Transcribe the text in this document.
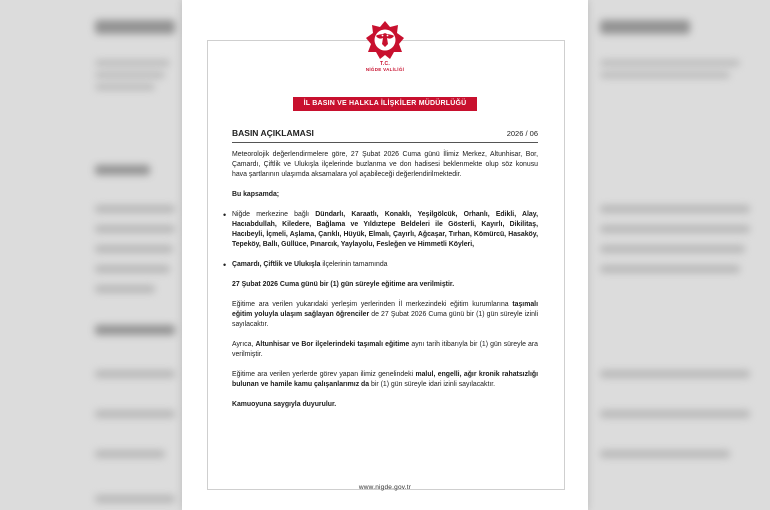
T.C.
NİĞDE VALİLİĞİ
İL BASIN VE HALKLA İLİŞKİLER MÜDÜRLÜĞÜ
BASIN AÇIKLAMASI	2026 / 06

Meteorolojik değerlendirmelere göre, 27 Şubat 2026 Cuma günü İlimiz Merkez, Altunhisar, Bor, Çamardı, Çiftlik ve Ulukışla ilçelerinde buzlanma ve don hadisesi beklenmekte olup söz konusu hava şartlarının ulaşımda aksamalara yol açabileceği değerlendirilmektedir.

Bu kapsamda;

• Niğde merkezine bağlı Dündarlı, Karaatlı, Konaklı, Yeşilgölcük, Orhanlı, Edikli, Alay, Hacıabdullah, Kiledere, Bağlama ve Yıldıztepe Beldeleri ile Gösterli, Kayırlı, Dikilitaş, Hacıbeyli, İçmeli, Aşlama, Çarıklı, Hüyük, Elmalı, Çayırlı, Ağcaşar, Tırhan, Kömürcü, Hasaköy, Tepeköy, Ballı, Güllüce, Pınarcık, Yaylayolu, Fesleğen ve Himmetli Köyleri,

• Çamardı, Çiftlik ve Ulukışla ilçelerinin tamamında

27 Şubat 2026 Cuma günü bir (1) gün süreyle eğitime ara verilmiştir.

Eğitime ara verilen yukarıdaki yerleşim yerlerinden İl merkezindeki eğitim kurumlarına taşımalı eğitim yoluyla ulaşım sağlayan öğrenciler de 27 Şubat 2026 Cuma günü bir (1) gün süreyle izinli sayılacaktır.

Ayrıca, Altunhisar ve Bor ilçelerindeki taşımalı eğitime aynı tarih itibarıyla bir (1) gün süreyle ara verilmiştir.

Eğitime ara verilen yerlerde görev yapan ilimiz genelindeki malul, engelli, ağır kronik rahatsızlığı bulunan ve hamile kamu çalışanlarımız da bir (1) gün süreyle idari izinli sayılacaktır.

Kamuoyuna saygıyla duyurulur.

www.nigde.gov.tr
